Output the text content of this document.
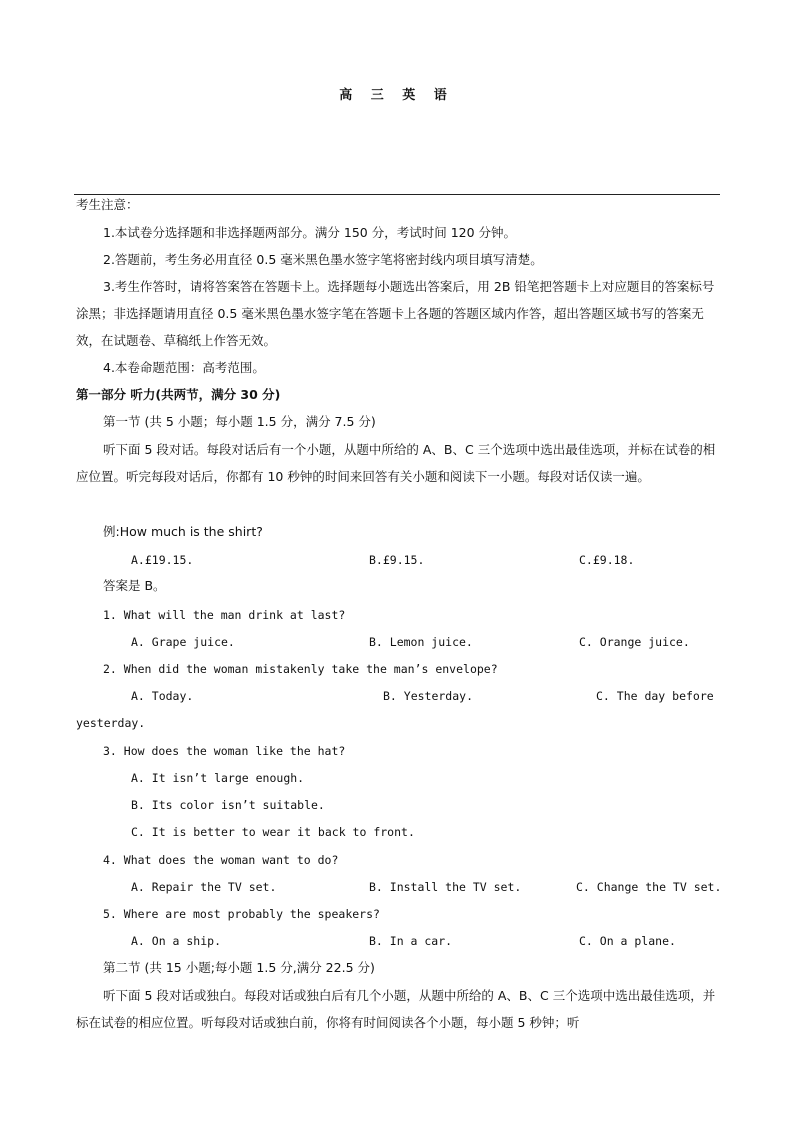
高 三 英 语
考生注意：
1.本试卷分选择题和非选择题两部分。满分 150 分，考试时间 120 分钟。
2.答题前，考生务必用直径 0.5 毫米黑色墨水签字笔将密封线内项目填写清楚。
3.考生作答时，请将答案答在答题卡上。选择题每小题选出答案后，用 2B 铅笔把答题卡上对应题目的答案标号涂黑；非选择题请用直径 0.5 毫米黑色墨水签字笔在答题卡上各题的答题区域内作答，超出答题区域书写的答案无效，在试题卷、草稿纸上作答无效。
4.本卷命题范围：高考范围。
第一部分 听力(共两节，满分 30 分)
第一节 (共 5 小题；每小题 1.5 分，满分 7.5 分)
听下面 5 段对话。每段对话后有一个小题，从题中所给的 A、B、C 三个选项中选出最佳选项，并标在试卷的相应位置。听完每段对话后，你都有 10 秒钟的时间来回答有关小题和阅读下一小题。每段对话仅读一遍。
例:How much is the shirt?
A.£19.15.	B.£9.15.	C.£9.18.
答案是 B。
1. What will the man drink at last?
A. Grape juice.	B. Lemon juice.	C. Orange juice.
2. When did the woman mistakenly take the man’s envelope?
A. Today.	B. Yesterday.	C. The day before
yesterday.
3. How does the woman like the hat?
A. It isn’t large enough.
B. Its color isn’t suitable.
C. It is better to wear it back to front.
4. What does the woman want to do?
A. Repair the TV set.	B. Install the TV set.	C. Change the TV set.
5. Where are most probably the speakers?
A. On a ship.	B. In a car.	C. On a plane.
第二节 (共 15 小题;每小题 1.5 分,满分 22.5 分)
听下面 5 段对话或独白。每段对话或独白后有几个小题，从题中所给的 A、B、C 三个选项中选出最佳选项，并标在试卷的相应位置。听每段对话或独白前，你将有时间阅读各个小题，每小题 5 秒钟；听
